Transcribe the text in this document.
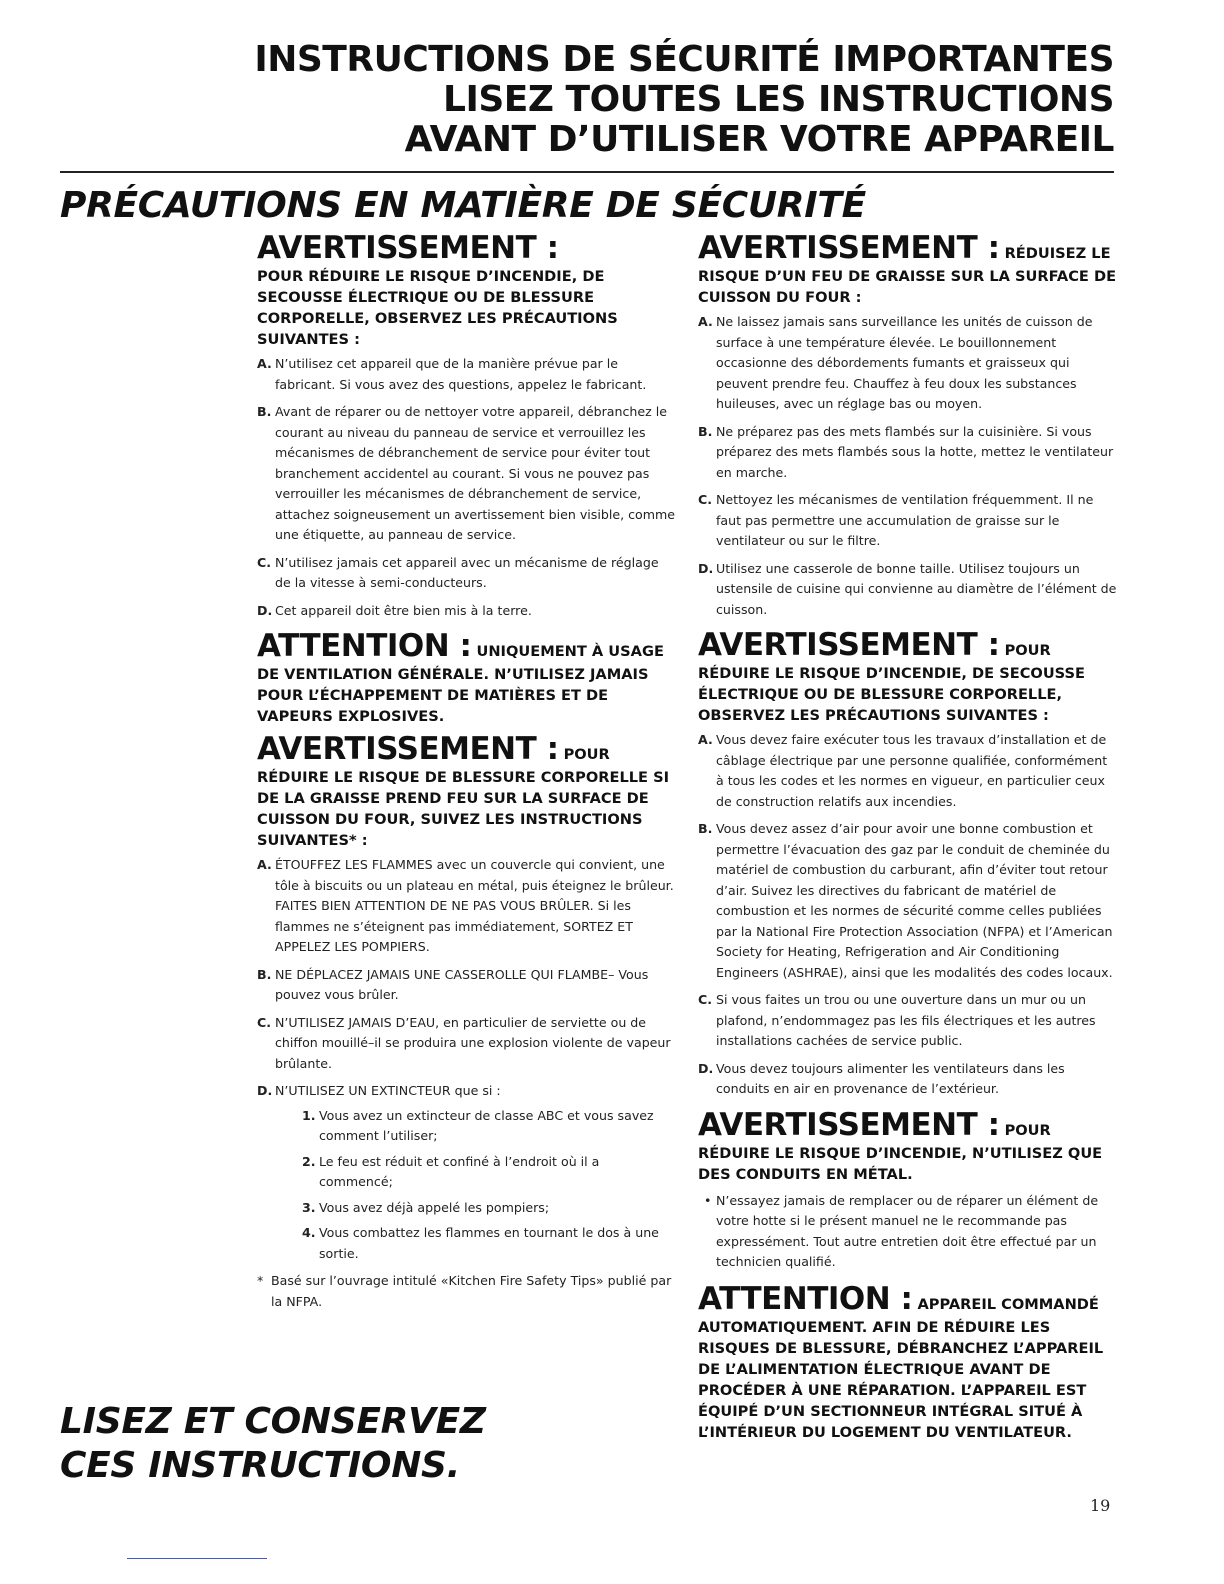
INSTRUCTIONS DE SÉCURITÉ IMPORTANTES
LISEZ TOUTES LES INSTRUCTIONS
AVANT D’UTILISER VOTRE APPAREIL
PRÉCAUTIONS EN MATIÈRE DE SÉCURITÉ
AVERTISSEMENT :

POUR RÉDUIRE LE RISQUE D’INCENDIE, DE SECOUSSE ÉLECTRIQUE OU DE BLESSURE CORPORELLE, OBSERVEZ LES PRÉCAUTIONS SUIVANTES :

A. N’utilisez cet appareil que de la manière prévue par le fabricant. Si vous avez des questions, appelez le fabricant.
B. Avant de réparer ou de nettoyer votre appareil, débranchez le courant au niveau du panneau de service et verrouillez les mécanismes de débranchement de service pour éviter tout branchement accidentel au courant. Si vous ne pouvez pas verrouiller les mécanismes de débranchement de service, attachez soigneusement un avertissement bien visible, comme une étiquette, au panneau de service.
C. N’utilisez jamais cet appareil avec un mécanisme de réglage de la vitesse à semi-conducteurs.
D. Cet appareil doit être bien mis à la terre.

ATTENTION : UNIQUEMENT À USAGE DE VENTILATION GÉNÉRALE. N’UTILISEZ JAMAIS POUR L’ÉCHAPPEMENT DE MATIÈRES ET DE VAPEURS EXPLOSIVES.

AVERTISSEMENT : POUR RÉDUIRE LE RISQUE DE BLESSURE CORPORELLE SI DE LA GRAISSE PREND FEU SUR LA SURFACE DE CUISSON DU FOUR, SUIVEZ LES INSTRUCTIONS SUIVANTES* :

A. ÉTOUFFEZ LES FLAMMES avec un couvercle qui convient, une tôle à biscuits ou un plateau en métal, puis éteignez le brûleur. FAITES BIEN ATTENTION DE NE PAS VOUS BRÛLER. Si les flammes ne s’éteignent pas immédiatement, SORTEZ ET APPELEZ LES POMPIERS.
B. NE DÉPLACEZ JAMAIS UNE CASSEROLLE QUI FLAMBE– Vous pouvez vous brûler.
C. N’UTILISEZ JAMAIS D’EAU, en particulier de serviette ou de chiffon mouillé–il se produira une explosion violente de vapeur brûlante.
D. N’UTILISEZ UN EXTINCTEUR que si :
1. Vous avez un extincteur de classe ABC et vous savez comment l’utiliser;
2. Le feu est réduit et confiné à l’endroit où il a commencé;
3. Vous avez déjà appelé les pompiers;
4. Vous combattez les flammes en tournant le dos à une sortie.
* Basé sur l’ouvrage intitulé «Kitchen Fire Safety Tips» publié par la NFPA.

AVERTISSEMENT : RÉDUISEZ LE RISQUE D’UN FEU DE GRAISSE SUR LA SURFACE DE CUISSON DU FOUR :

A. Ne laissez jamais sans surveillance les unités de cuisson de surface à une température élevée. Le bouillonnement occasionne des débordements fumants et graisseux qui peuvent prendre feu. Chauffez à feu doux les substances huileuses, avec un réglage bas ou moyen.
B. Ne préparez pas des mets flambés sur la cuisinière. Si vous préparez des mets flambés sous la hotte, mettez le ventilateur en marche.
C. Nettoyez les mécanismes de ventilation fréquemment. Il ne faut pas permettre une accumulation de graisse sur le ventilateur ou sur le filtre.
D. Utilisez une casserole de bonne taille. Utilisez toujours un ustensile de cuisine qui convienne au diamètre de l’élément de cuisson.

AVERTISSEMENT : POUR RÉDUIRE LE RISQUE D’INCENDIE, DE SECOUSSE ÉLECTRIQUE OU DE BLESSURE CORPORELLE, OBSERVEZ LES PRÉCAUTIONS SUIVANTES :

A. Vous devez faire exécuter tous les travaux d’installation et de câblage électrique par une personne qualifiée, conformément à tous les codes et les normes en vigueur, en particulier ceux de construction relatifs aux incendies.
B. Vous devez assez d’air pour avoir une bonne combustion et permettre l’évacuation des gaz par le conduit de cheminée du matériel de combustion du carburant, afin d’éviter tout retour d’air. Suivez les directives du fabricant de matériel de combustion et les normes de sécurité comme celles publiées par la National Fire Protection Association (NFPA) et l’American Society for Heating, Refrigeration and Air Conditioning Engineers (ASHRAE), ainsi que les modalités des codes locaux.
C. Si vous faites un trou ou une ouverture dans un mur ou un plafond, n’endommagez pas les fils électriques et les autres installations cachées de service public.
D. Vous devez toujours alimenter les ventilateurs dans les conduits en air en provenance de l’extérieur.

AVERTISSEMENT : POUR RÉDUIRE LE RISQUE D’INCENDIE, N’UTILISEZ QUE DES CONDUITS EN MÉTAL.

• N’essayez jamais de remplacer ou de réparer un élément de votre hotte si le présent manuel ne le recommande pas expressément. Tout autre entretien doit être effectué par un technicien qualifié.

ATTENTION : APPAREIL COMMANDÉ AUTOMATIQUEMENT. AFIN DE RÉDUIRE LES RISQUES DE BLESSURE, DÉBRANCHEZ L’APPAREIL DE L’ALIMENTATION ÉLECTRIQUE AVANT DE PROCÉDER À UNE RÉPARATION. L’APPAREIL EST ÉQUIPÉ D’UN SECTIONNEUR INTÉGRAL SITUÉ À L’INTÉRIEUR DU LOGEMENT DU VENTILATEUR.

LISEZ ET CONSERVEZ
CES INSTRUCTIONS.
19
